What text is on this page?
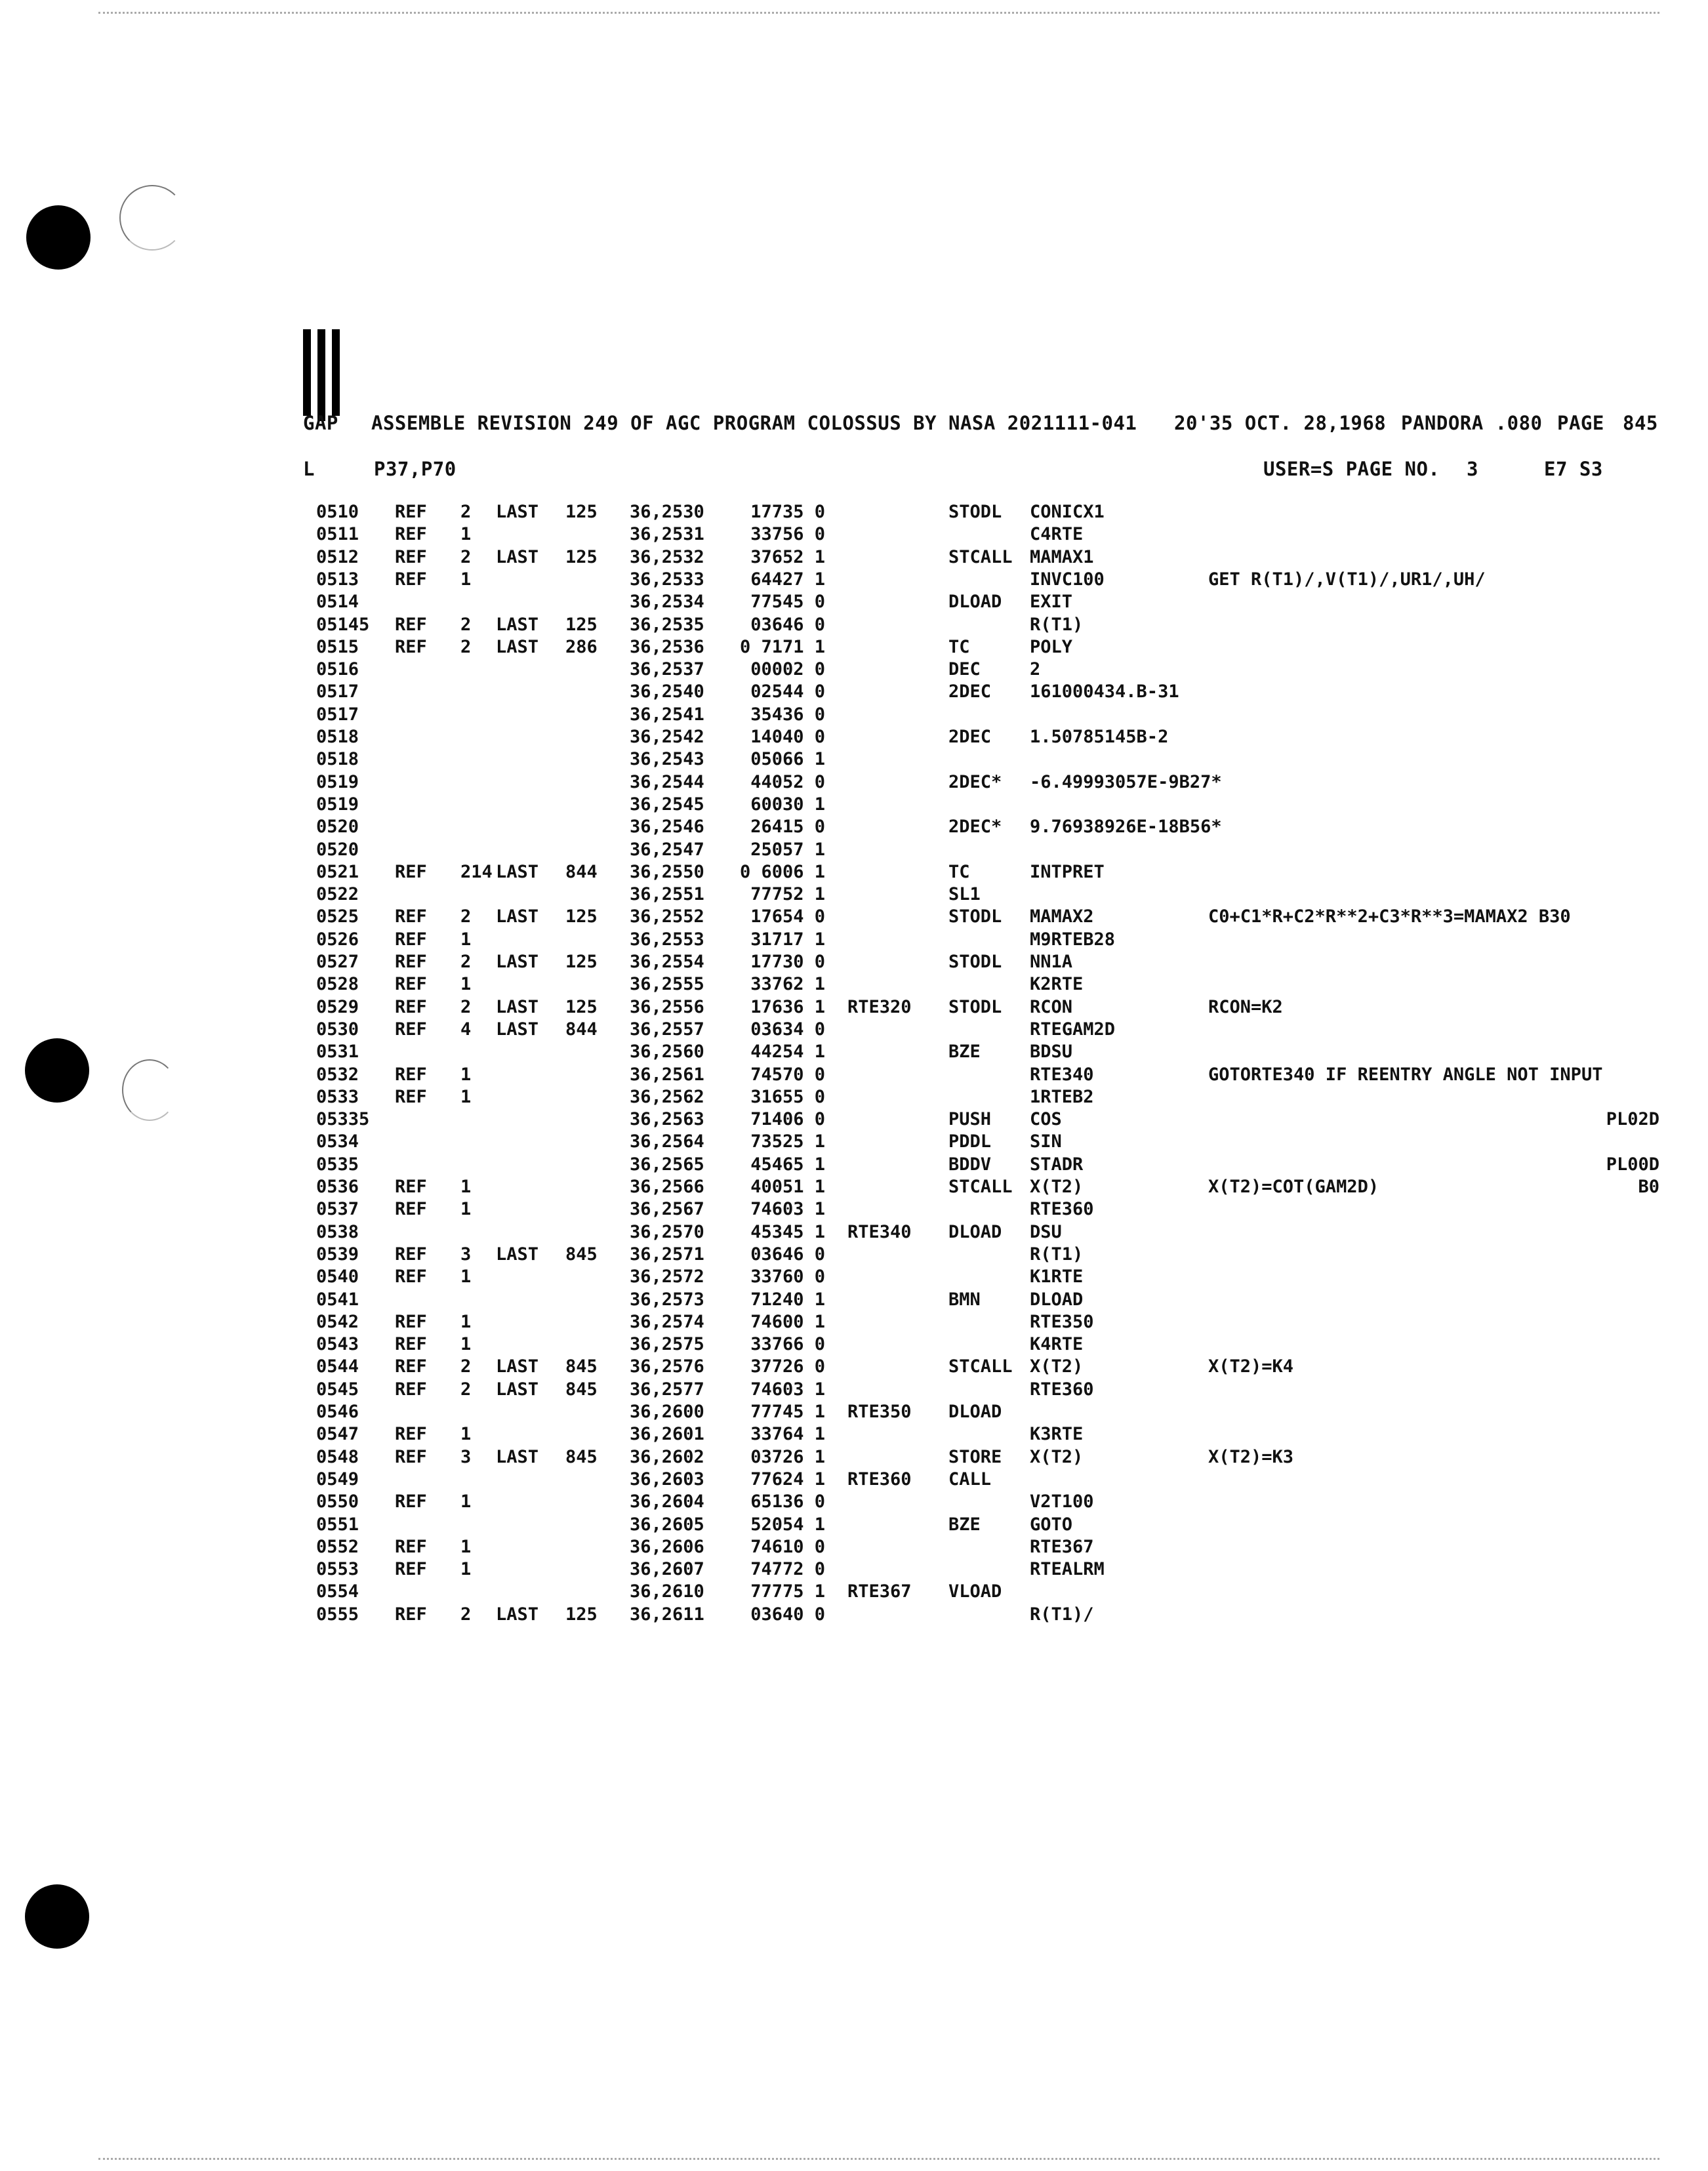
GAP ASSEMBLE REVISION 249 OF AGC PROGRAM COLOSSUS BY NASA 2021111-041 20'35 OCT. 28,1968 PANDORA .080 PAGE 845
L	P37,P70	USER=S PAGE NO. 3	E7 S3
0510 REF 2 LAST 125 36,2530	17735 0	STODL CONICX1
0511 REF 1	36,2531	33756 0	C4RTE
0512 REF 2 LAST 125 36,2532	37652 1	STCALL MAMAX1
0513 REF 1	36,2533	64427 1	INVC100	GET R(T1)/,V(T1)/,UR1/,UH/
0514	36,2534	77545 0	DLOAD EXIT
05145 REF 2 LAST 125 36,2535	03646 0	R(T1)
0515 REF 2 LAST 286 36,2536	0 7171 1	TC	POLY
0516	36,2537	00002 0	DEC	2
0517	36,2540	02544 0	2DEC 161000434.B-31
0517	36,2541	35436 0
0518	36,2542	14040 0	2DEC 1.50785145B-2
0518	36,2543	05066 1
0519	36,2544	44052 0	2DEC* -6.49993057E-9B27*
0519	36,2545	60030 1
0520	36,2546	26415 0	2DEC* 9.76938926E-18B56*
0520	36,2547	25057 1
0521 REF 214 LAST 844 36,2550	0 6006 1	TC	INTPRET
0522	36,2551	77752 1	SL1
0525 REF 2 LAST 125 36,2552	17654 0	STODL MAMAX2	C0+C1*R+C2*R**2+C3*R**3=MAMAX2 B30
0526 REF 1	36,2553	31717 1	M9RTEB28
0527 REF 2 LAST 125 36,2554	17730 0	STODL NN1A
0528 REF 1	36,2555	33762 1	K2RTE
0529 REF 2 LAST 125 36,2556	17636 1 RTE320 STODL RCON	RCON=K2
0530 REF 4 LAST 844 36,2557	03634 0	RTEGAM2D
0531	36,2560	44254 1	BZE	BDSU
0532 REF 1	36,2561	74570 0	RTE340	GOTORTE340 IF REENTRY ANGLE NOT INPUT
0533 REF 1	36,2562	31655 0	1RTEB2
05335	36,2563	71406 0	PUSH COS	PL02D
0534	36,2564	73525 1	PDDL SIN
0535	36,2565	45465 1	BDDV STADR	PL00D
0536 REF 1	36,2566	40051 1	STCALL X(T2)	X(T2)=COT(GAM2D)	B0
0537 REF 1	36,2567	74603 1	RTE360
0538	36,2570	45345 1 RTE340 DLOAD DSU
0539 REF 3 LAST 845 36,2571	03646 0	R(T1)
0540 REF 1	36,2572	33760 0	K1RTE
0541	36,2573	71240 1	BMN	DLOAD
0542 REF 1	36,2574	74600 1	RTE350
0543 REF 1	36,2575	33766 0	K4RTE
0544 REF 2 LAST 845 36,2576	37726 0	STCALL X(T2)	X(T2)=K4
0545 REF 2 LAST 845 36,2577	74603 1	RTE360
0546	36,2600	77745 1 RTE350 DLOAD
0547 REF 1	36,2601	33764 1	K3RTE
0548 REF 3 LAST 845 36,2602	03726 1	STORE X(T2)	X(T2)=K3
0549	36,2603	77624 1 RTE360 CALL
0550 REF 1	36,2604	65136 0	V2T100
0551	36,2605	52054 1	BZE	GOTO
0552 REF 1	36,2606	74610 0	RTE367
0553 REF 1	36,2607	74772 0	RTEALRM
0554	36,2610	77775 1 RTE367 VLOAD
0555 REF 2 LAST 125 36,2611	03640 0	R(T1)/
